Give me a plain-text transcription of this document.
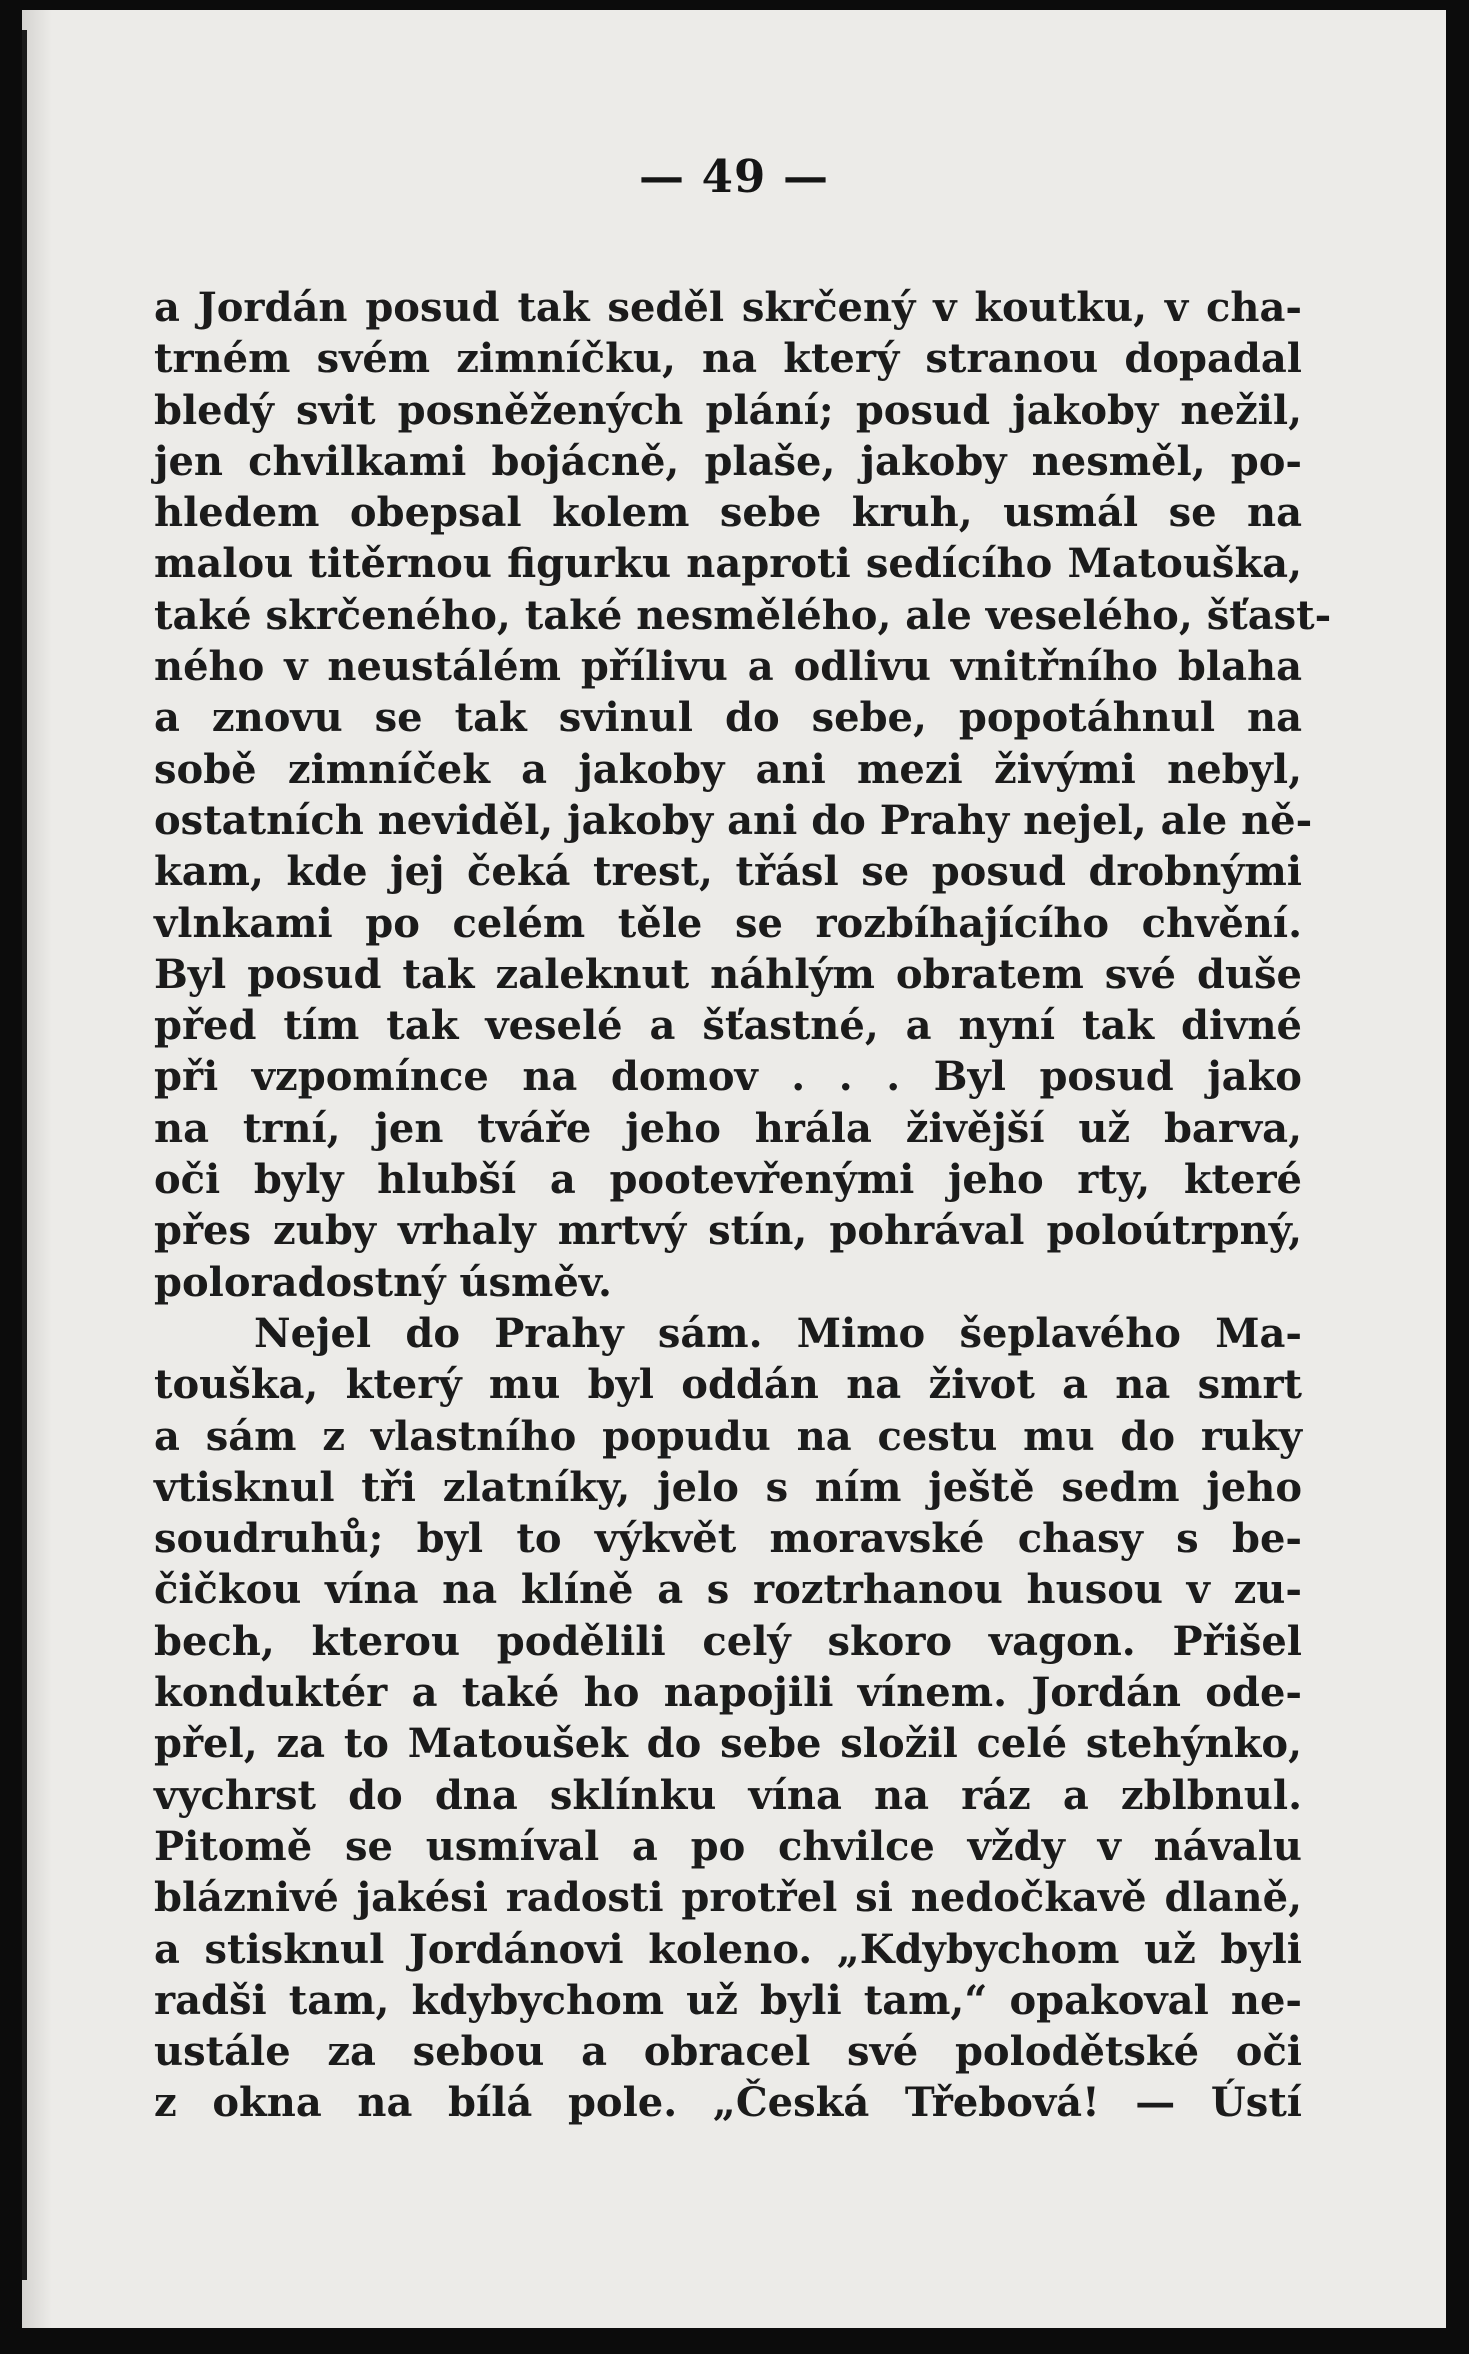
— 49 —
a Jordán posud tak seděl skrčený v koutku, v cha-
trném svém zimníčku, na který stranou dopadal
bledý svit posněžených plání; posud jakoby nežil,
jen chvilkami bojácně, plaše, jakoby nesměl, po-
hledem obepsal kolem sebe kruh, usmál se na
malou titěrnou figurku naproti sedícího Matouška,
také skrčeného, také nesmělého, ale veselého, šťast-
ného v neustálém přílivu a odlivu vnitřního blaha
a znovu se tak svinul do sebe, popotáhnul na
sobě zimníček a jakoby ani mezi živými nebyl,
ostatních neviděl, jakoby ani do Prahy nejel, ale ně-
kam, kde jej čeká trest, třásl se posud drobnými
vlnkami po celém těle se rozbíhajícího chvění.
Byl posud tak zaleknut náhlým obratem své duše
před tím tak veselé a šťastné, a nyní tak divné
při vzpomínce na domov . . . Byl posud jako
na trní, jen tváře jeho hrála živější už barva,
oči byly hlubší a pootevřenými jeho rty, které
přes zuby vrhaly mrtvý stín, pohrával poloútrpný,
poloradostný úsměv.
Nejel do Prahy sám. Mimo šeplavého Ma-
touška, který mu byl oddán na život a na smrt
a sám z vlastního popudu na cestu mu do ruky
vtisknul tři zlatníky, jelo s ním ještě sedm jeho
soudruhů; byl to výkvět moravské chasy s be-
čičkou vína na klíně a s roztrhanou husou v zu-
bech, kterou podělili celý skoro vagon. Přišel
konduktér a také ho napojili vínem. Jordán ode-
přel, za to Matoušek do sebe složil celé stehýnko,
vychrst do dna sklínku vína na ráz a zblbnul.
Pitomě se usmíval a po chvilce vždy v návalu
bláznivé jakési radosti protřel si nedočkavě dlaně,
a stisknul Jordánovi koleno. „Kdybychom už byli
radši tam, kdybychom už byli tam,“ opakoval ne-
ustále za sebou a obracel své polodětské oči
z okna na bílá pole. „Česká Třebová! — Ústí
